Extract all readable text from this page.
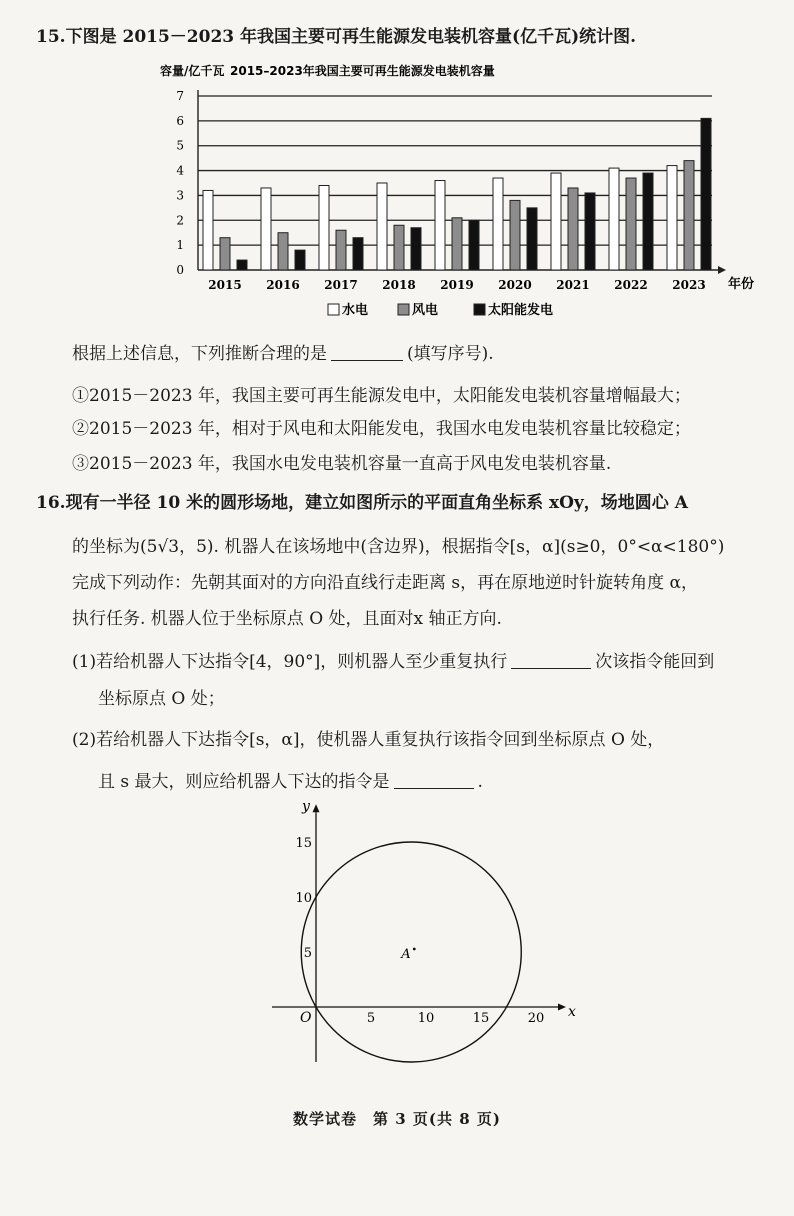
15.下图是 2015－2023 年我国主要可再生能源发电装机容量(亿千瓦)统计图.
容量/亿千瓦 2015–2023年我国主要可再生能源发电装机容量
0
1
2
3
4
5
6
7
年份
2015 2016 2017 2018 2019 2020 2021 2022 2023
水电	风电	太阳能发电
根据上述信息，下列推断合理的是	(填写序号).
①2015－2023 年，我国主要可再生能源发电中，太阳能发电装机容量增幅最大；
②2015－2023 年，相对于风电和太阳能发电，我国水电发电装机容量比较稳定；
③2015－2023 年，我国水电发电装机容量一直高于风电发电装机容量.
16.现有一半径 10 米的圆形场地，建立如图所示的平面直角坐标系 xOy，场地圆心 A
的坐标为(5√3，5). 机器人在该场地中(含边界)，根据指令[s，α](s≥0，0°<α<180°)
完成下列动作：先朝其面对的方向沿直线行走距离 s，再在原地逆时针旋转角度 α，
执行任务. 机器人位于坐标原点 O 处，且面对x 轴正方向.
(1)若给机器人下达指令[4，90°]，则机器人至少重复执行	次该指令能回到
坐标原点 O 处；
(2)若给机器人下达指令[s，α]，使机器人重复执行该指令回到坐标原点 O 处，
且 s 最大，则应给机器人下达的指令是	.
x
y
O	5	10	15	20
5
10
15
A
数学试卷　第 3 页(共 8 页)
